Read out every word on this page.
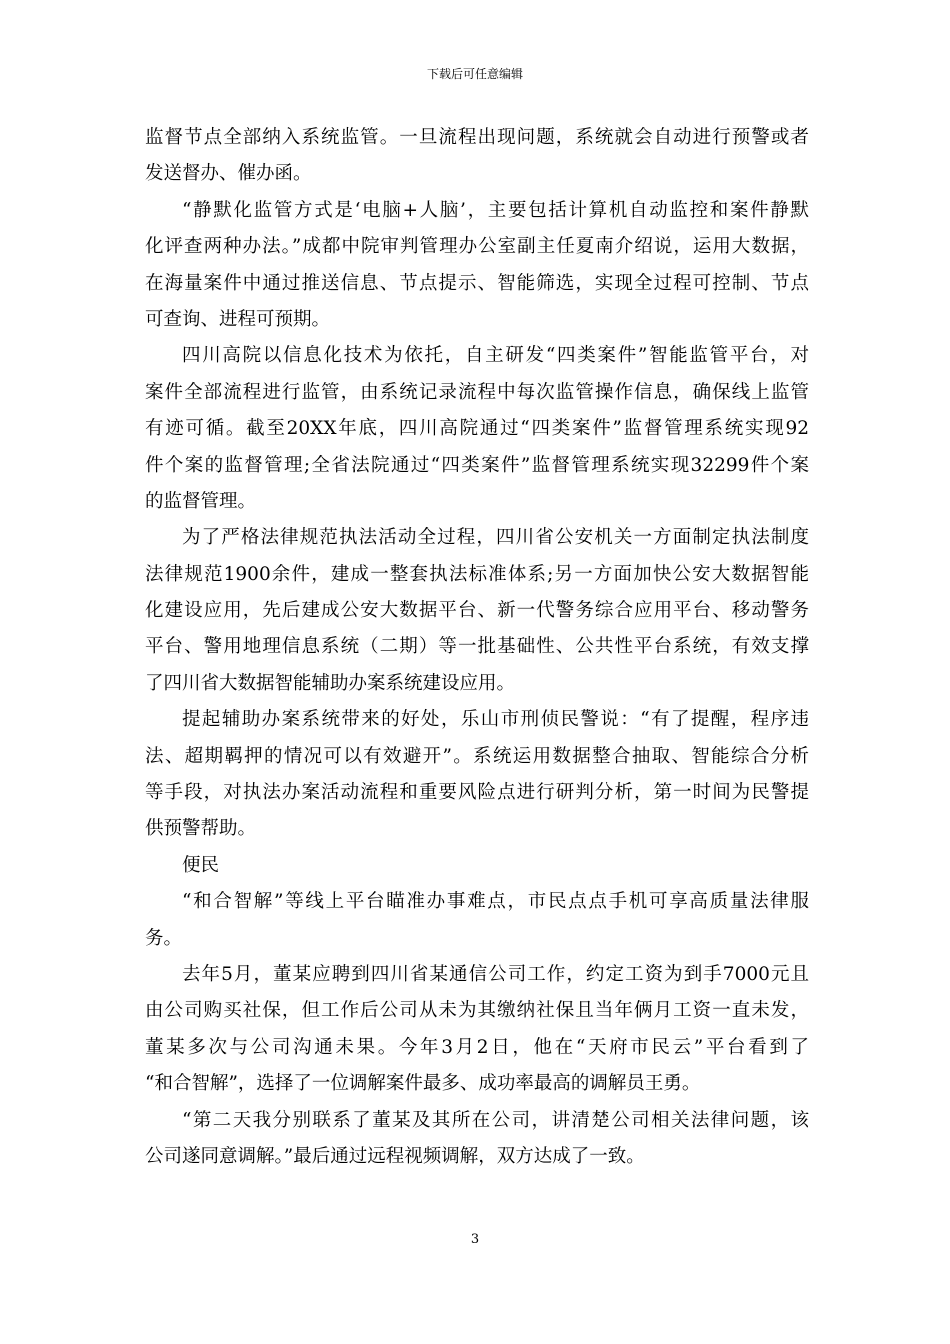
下载后可任意编辑
监督节点全部纳入系统监管。一旦流程出现问题，系统就会自动进行预警或者
发送督办、催办函。
“静默化监管方式是‘电脑+人脑’，主要包括计算机自动监控和案件静默
化评查两种办法。”成都中院审判管理办公室副主任夏南介绍说，运用大数据，
在海量案件中通过推送信息、节点提示、智能筛选，实现全过程可控制、节点
可查询、进程可预期。
四川高院以信息化技术为依托，自主研发“四类案件”智能监管平台，对
案件全部流程进行监管，由系统记录流程中每次监管操作信息，确保线上监管
有迹可循。截至20XX年底，四川高院通过“四类案件”监督管理系统实现92
件个案的监督管理;全省法院通过“四类案件”监督管理系统实现32299件个案
的监督管理。
为了严格法律规范执法活动全过程，四川省公安机关一方面制定执法制度
法律规范1900余件，建成一整套执法标准体系;另一方面加快公安大数据智能
化建设应用，先后建成公安大数据平台、新一代警务综合应用平台、移动警务
平台、警用地理信息系统（二期）等一批基础性、公共性平台系统，有效支撑
了四川省大数据智能辅助办案系统建设应用。
提起辅助办案系统带来的好处，乐山市刑侦民警说：“有了提醒，程序违
法、超期羁押的情况可以有效避开”。系统运用数据整合抽取、智能综合分析
等手段，对执法办案活动流程和重要风险点进行研判分析，第一时间为民警提
供预警帮助。
便民
“和合智解”等线上平台瞄准办事难点，市民点点手机可享高质量法律服
务。
去年5月，董某应聘到四川省某通信公司工作，约定工资为到手7000元且
由公司购买社保，但工作后公司从未为其缴纳社保且当年俩月工资一直未发，
董某多次与公司沟通未果。今年3月2日，他在“天府市民云”平台看到了
“和合智解”，选择了一位调解案件最多、成功率最高的调解员王勇。
“第二天我分别联系了董某及其所在公司，讲清楚公司相关法律问题，该
公司遂同意调解。”最后通过远程视频调解，双方达成了一致。
3
